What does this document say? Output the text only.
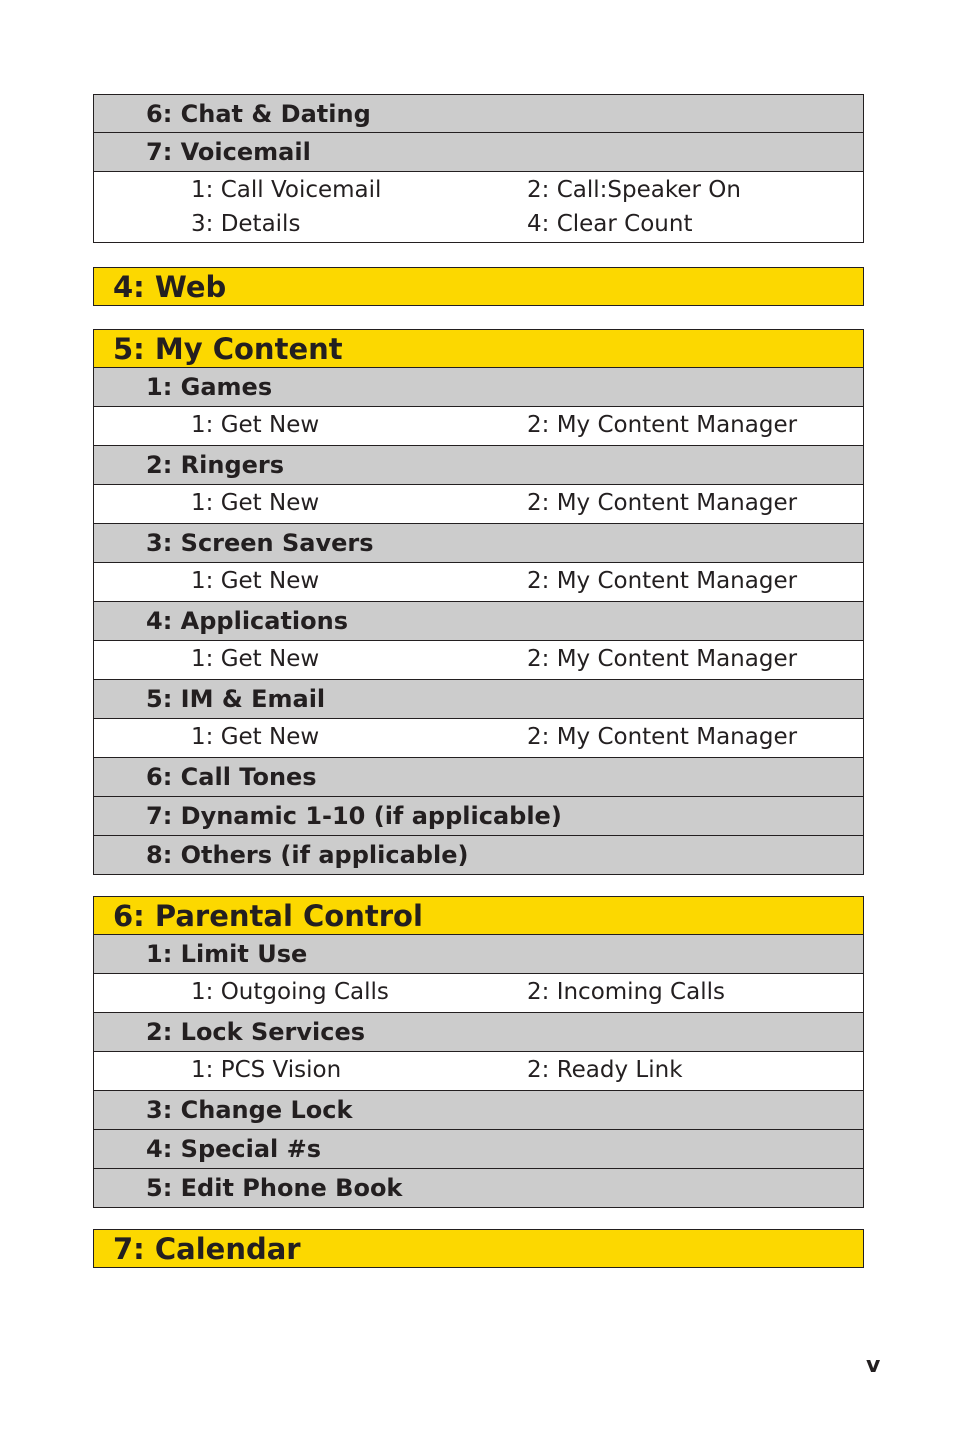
6: Chat & Dating
7: Voicemail
1: Call Voicemail	2: Call:Speaker On
3: Details	4: Clear Count
4: Web
5: My Content
1: Games
1: Get New	2: My Content Manager
2: Ringers
1: Get New	2: My Content Manager
3: Screen Savers
1: Get New	2: My Content Manager
4: Applications
1: Get New	2: My Content Manager
5: IM & Email
1: Get New	2: My Content Manager
6: Call Tones
7: Dynamic 1-10 (if applicable)
8: Others (if applicable)
6: Parental Control
1: Limit Use
1: Outgoing Calls	2: Incoming Calls
2: Lock Services
1: PCS Vision	2: Ready Link
3: Change Lock
4: Special #s
5: Edit Phone Book
7: Calendar
v
